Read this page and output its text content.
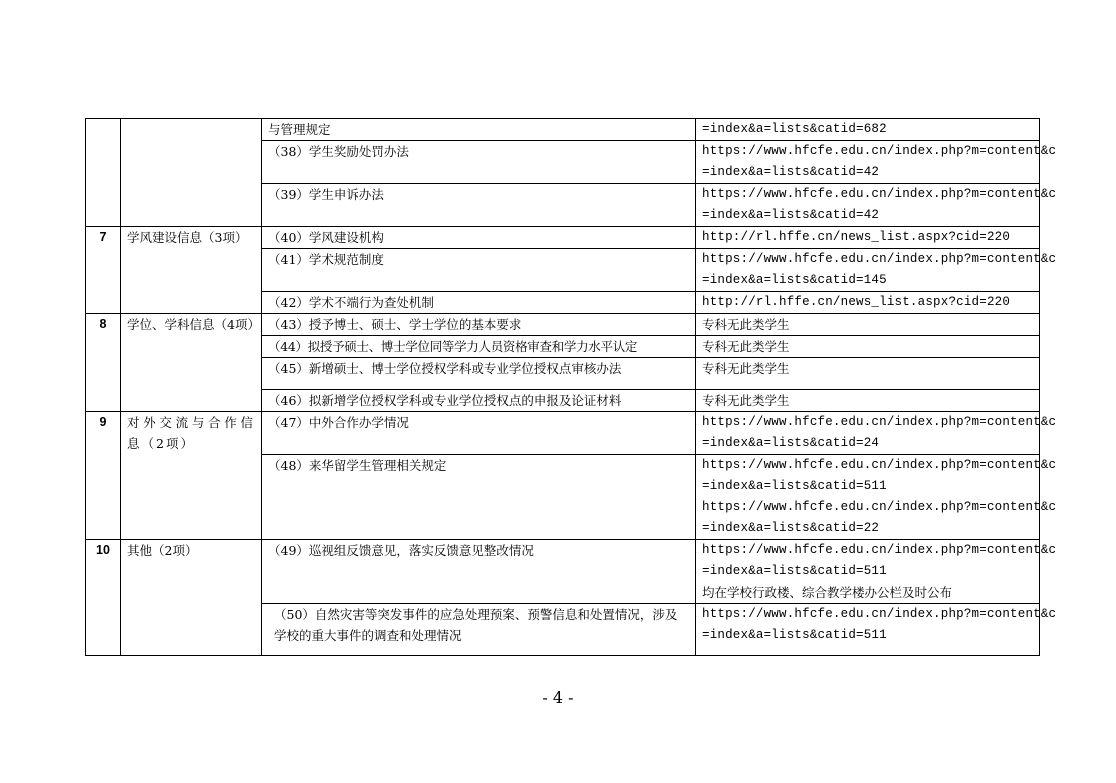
		与管理规定	=index&a=lists&catid=682

		（38）学生奖励处罚办法	https://www.hfcfe.edu.cn/index.php?m=content&c
=index&a=lists&catid=42

		（39）学生申诉办法	https://www.hfcfe.edu.cn/index.php?m=content&c
=index&a=lists&catid=42

7	学风建设信息（3项）	（40）学风建设机构	http://rl.hffe.cn/news_list.aspx?cid=220

		（41）学术规范制度	https://www.hfcfe.edu.cn/index.php?m=content&c
=index&a=lists&catid=145

		（42）学术不端行为查处机制	http://rl.hffe.cn/news_list.aspx?cid=220

8	学位、学科信息（4项）	（43）授予博士、硕士、学士学位的基本要求	专科无此类学生
		（44）拟授予硕士、博士学位同等学力人员资格审查和学力水平认定	专科无此类学生
		（45）新增硕士、博士学位授权学科或专业学位授权点审核办法	专科无此类学生
		（46）拟新增学位授权学科或专业学位授权点的申报及论证材料	专科无此类学生
9	对外交流与合作信息（2项）	（47）中外合作办学情况	https://www.hfcfe.edu.cn/index.php?m=content&c
=index&a=lists&catid=24

		（48）来华留学生管理相关规定	https://www.hfcfe.edu.cn/index.php?m=content&c
=index&a=lists&catid=511
https://www.hfcfe.edu.cn/index.php?m=content&c
=index&a=lists&catid=22

10	其他（2项）	（49）巡视组反馈意见，落实反馈意见整改情况	https://www.hfcfe.edu.cn/index.php?m=content&c
=index&a=lists&catid=511
均在学校行政楼、综合教学楼办公栏及时公布

		（50）自然灾害等突发事件的应急处理预案、预警信息和处置情况，涉及学校的重大事件的调查和处理情况	https://www.hfcfe.edu.cn/index.php?m=content&c
=index&a=lists&catid=511
- 4 -
